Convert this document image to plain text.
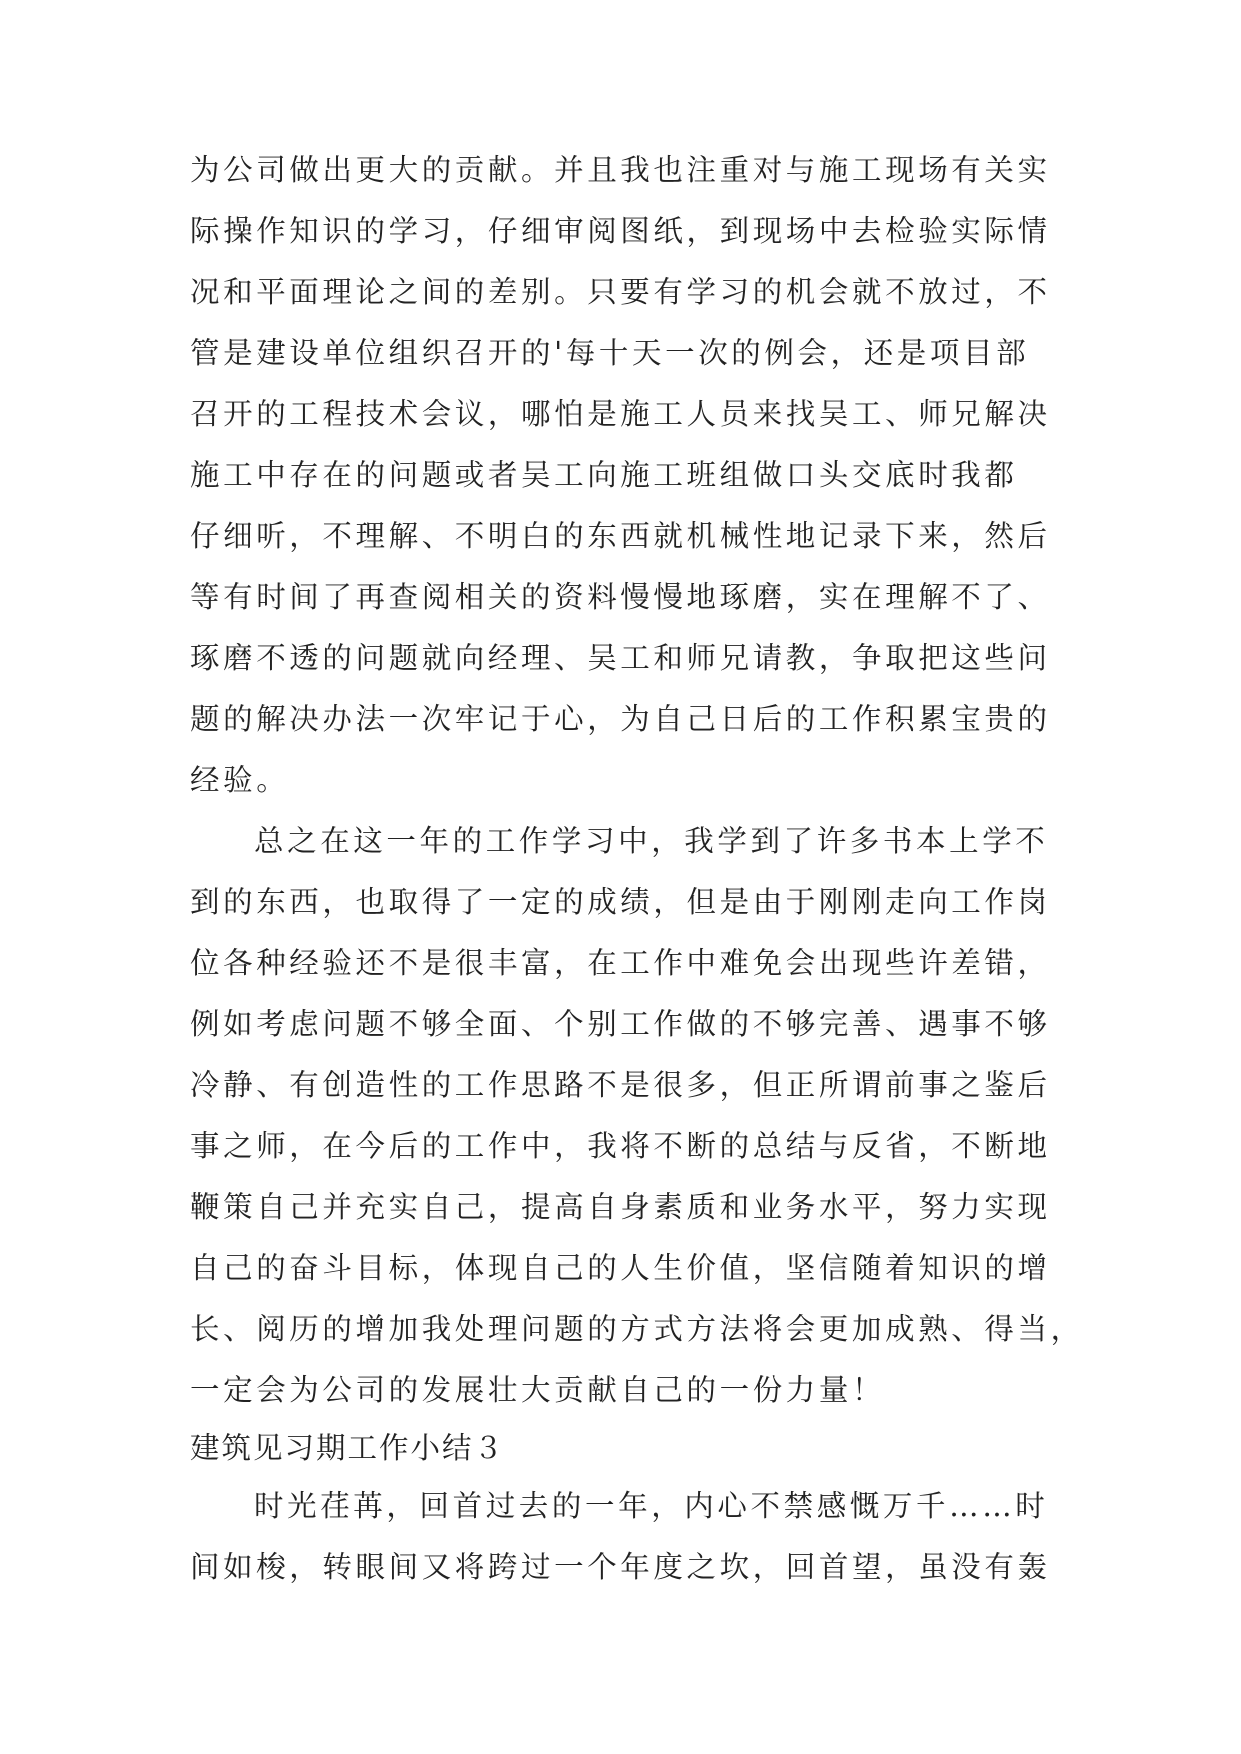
为公司做出更大的贡献。并且我也注重对与施工现场有关实
际操作知识的学习，仔细审阅图纸，到现场中去检验实际情
况和平面理论之间的差别。只要有学习的机会就不放过，不
管是建设单位组织召开的'每十天一次的例会，还是项目部
召开的工程技术会议，哪怕是施工人员来找吴工、师兄解决
施工中存在的问题或者吴工向施工班组做口头交底时我都
仔细听，不理解、不明白的东西就机械性地记录下来，然后
等有时间了再查阅相关的资料慢慢地琢磨，实在理解不了、
琢磨不透的问题就向经理、吴工和师兄请教，争取把这些问
题的解决办法一次牢记于心，为自己日后的工作积累宝贵的
经验。
总之在这一年的工作学习中，我学到了许多书本上学不
到的东西，也取得了一定的成绩，但是由于刚刚走向工作岗
位各种经验还不是很丰富，在工作中难免会出现些许差错，
例如考虑问题不够全面、个别工作做的不够完善、遇事不够
冷静、有创造性的工作思路不是很多，但正所谓前事之鉴后
事之师，在今后的工作中，我将不断的总结与反省，不断地
鞭策自己并充实自己，提高自身素质和业务水平，努力实现
自己的奋斗目标，体现自己的人生价值，坚信随着知识的增
长、阅历的增加我处理问题的方式方法将会更加成熟、得当，
一定会为公司的发展壮大贡献自己的一份力量！
建筑见习期工作小结３
时光荏苒，回首过去的一年，内心不禁感慨万千……时
间如梭，转眼间又将跨过一个年度之坎，回首望，虽没有轰
